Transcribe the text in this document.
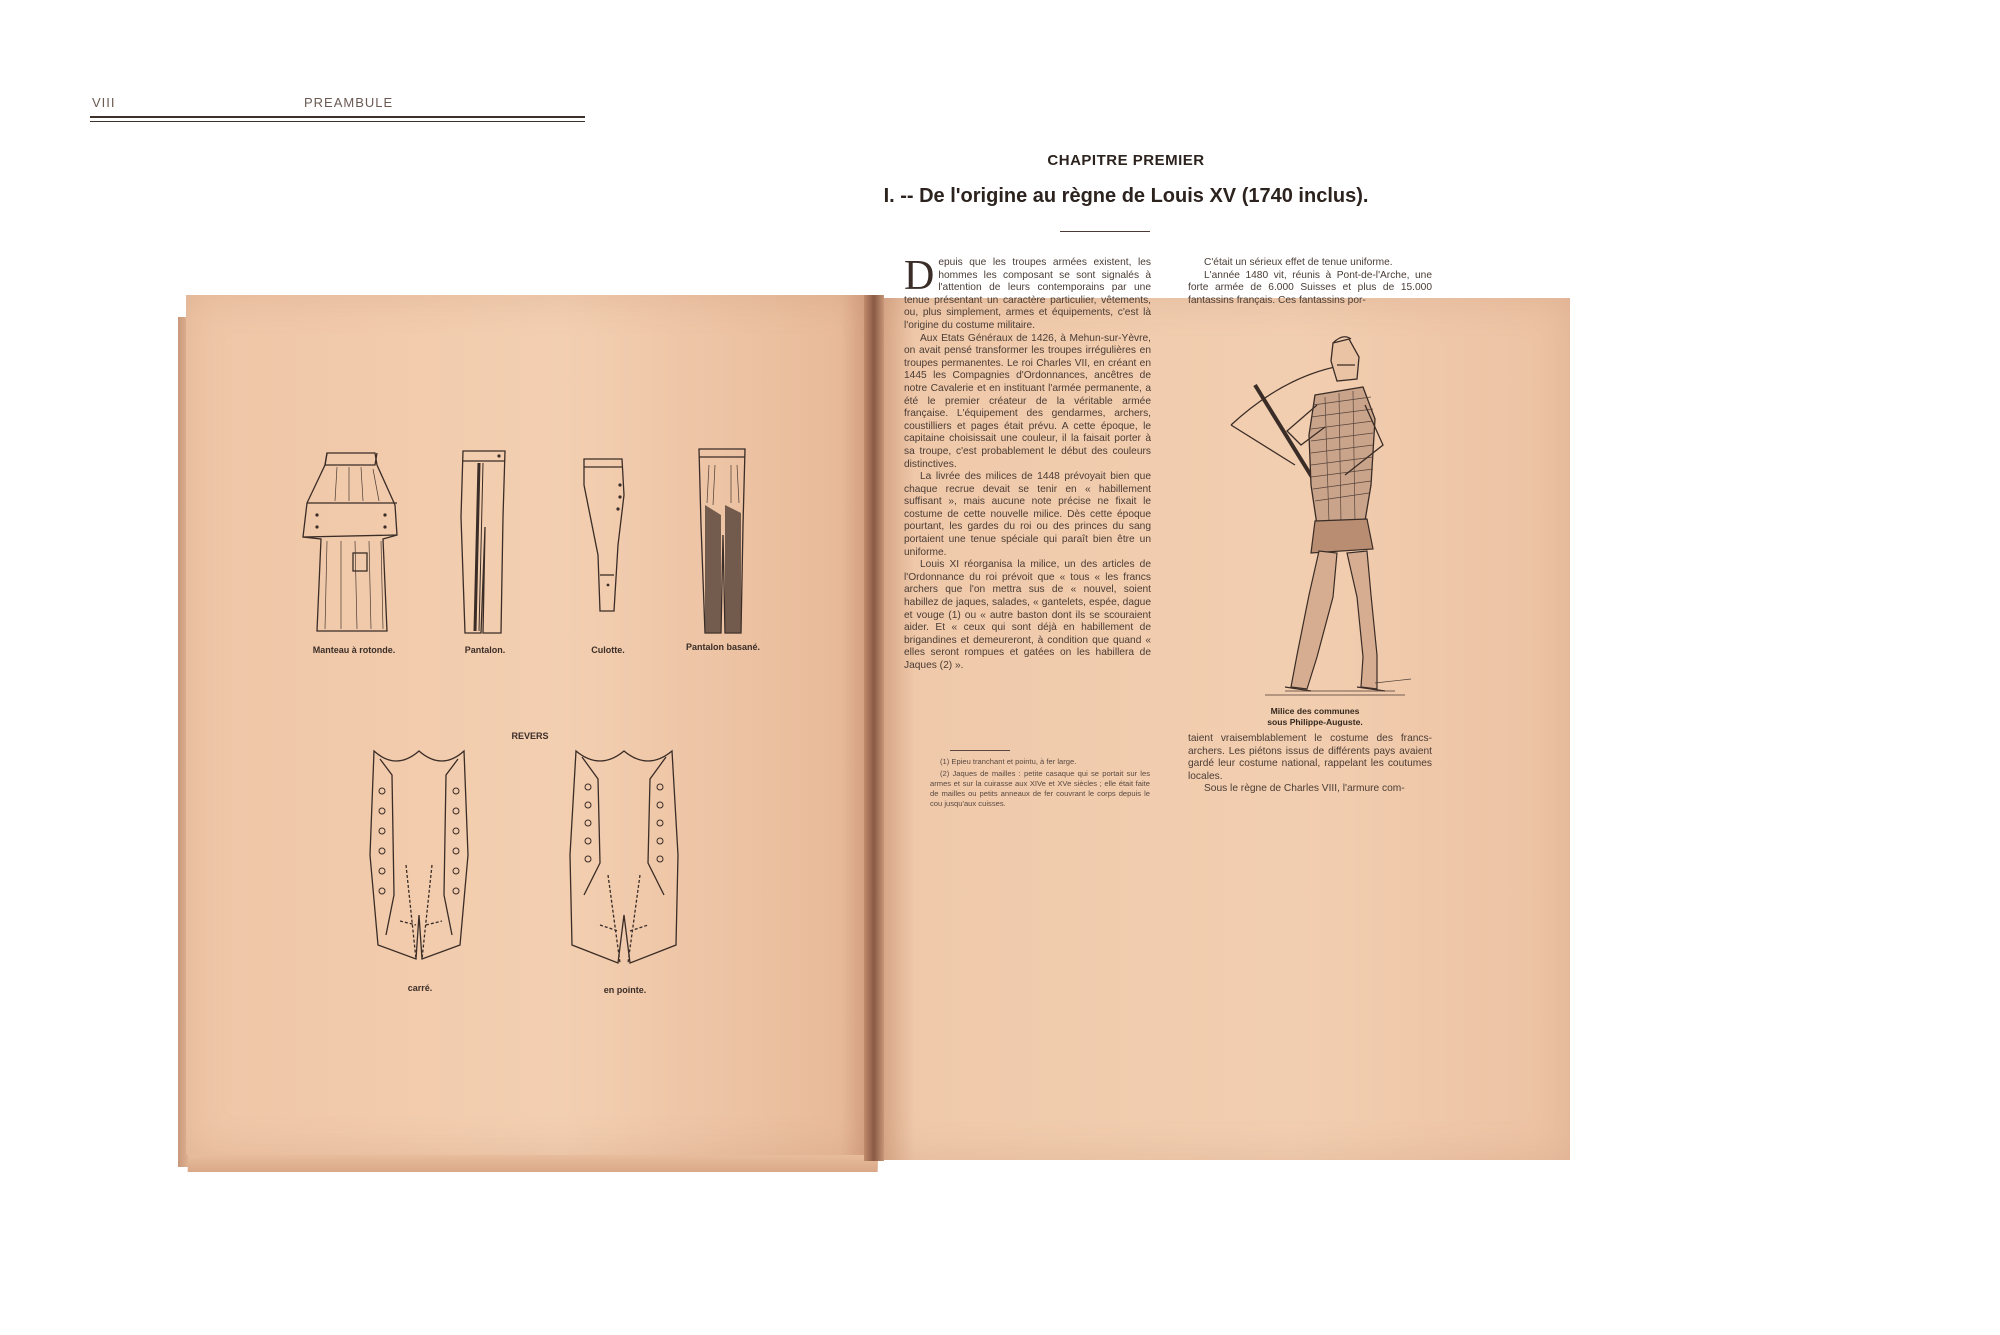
VIII	PREAMBULE
Manteau à rotonde.	Pantalon.	Culotte.	Pantalon basané.
REVERS
carré.	en pointe.
CHAPITRE PREMIER
I. -- De l'origine au règne de Louis XV (1740 inclus).

Depuis que les troupes armées existent, les hommes les composant se sont signalés à l'attention de leurs contemporains par une tenue présentant un caractère particulier, vêtements, ou, plus simplement, armes et équipements, c'est là l'origine du costume militaire.

Aux Etats Généraux de 1426, à Mehun-sur-Yèvre, on avait pensé transformer les troupes irrégulières en troupes permanentes. Le roi Charles VII, en créant en 1445 les Compagnies d'Ordonnances, ancêtres de notre Cavalerie et en instituant l'armée permanente, a été le premier créateur de la véritable armée française. L'équipement des gendarmes, archers, coustilliers et pages était prévu. A cette époque, le capitaine choisissait une couleur, il la faisait porter à sa troupe, c'est probablement le début des couleurs distinctives.

La livrée des milices de 1448 prévoyait bien que chaque recrue devait se tenir en « habillement suffisant », mais aucune note précise ne fixait le costume de cette nouvelle milice. Dès cette époque pourtant, les gardes du roi ou des princes du sang portaient une tenue spéciale qui paraît bien être un uniforme.

Louis XI réorganisa la milice, un des articles de l'Ordonnance du roi prévoit que « tous « les francs archers que l'on mettra sus de « nouvel, soient habillez de jaques, salades, « gantelets, espée, dague et vouge (1) ou « autre baston dont ils se scouraient aider. Et « ceux qui sont déjà en habillement de brigandines et demeureront, à condition que quand « elles seront rompues et gatées on les habillera de Jaques (2) ».

(1) Epieu tranchant et pointu, à fer large.

(2) Jaques de mailles : petite casaque qui se portait sur les armes et sur la cuirasse aux XIVe et XVe siècles ; elle était faite de mailles ou petits anneaux de fer couvrant le corps depuis le cou jusqu'aux cuisses.

C'était un sérieux effet de tenue uniforme.

L'année 1480 vit, réunis à Pont-de-l'Arche, une forte armée de 6.000 Suisses et plus de 15.000 fantassins français. Ces fantassins por-

Milice des communes
sous Philippe-Auguste.

taient vraisemblablement le costume des francs-archers. Les piétons issus de différents pays avaient gardé leur costume national, rappelant les coutumes locales.

Sous le règne de Charles VIII, l'armure com-
